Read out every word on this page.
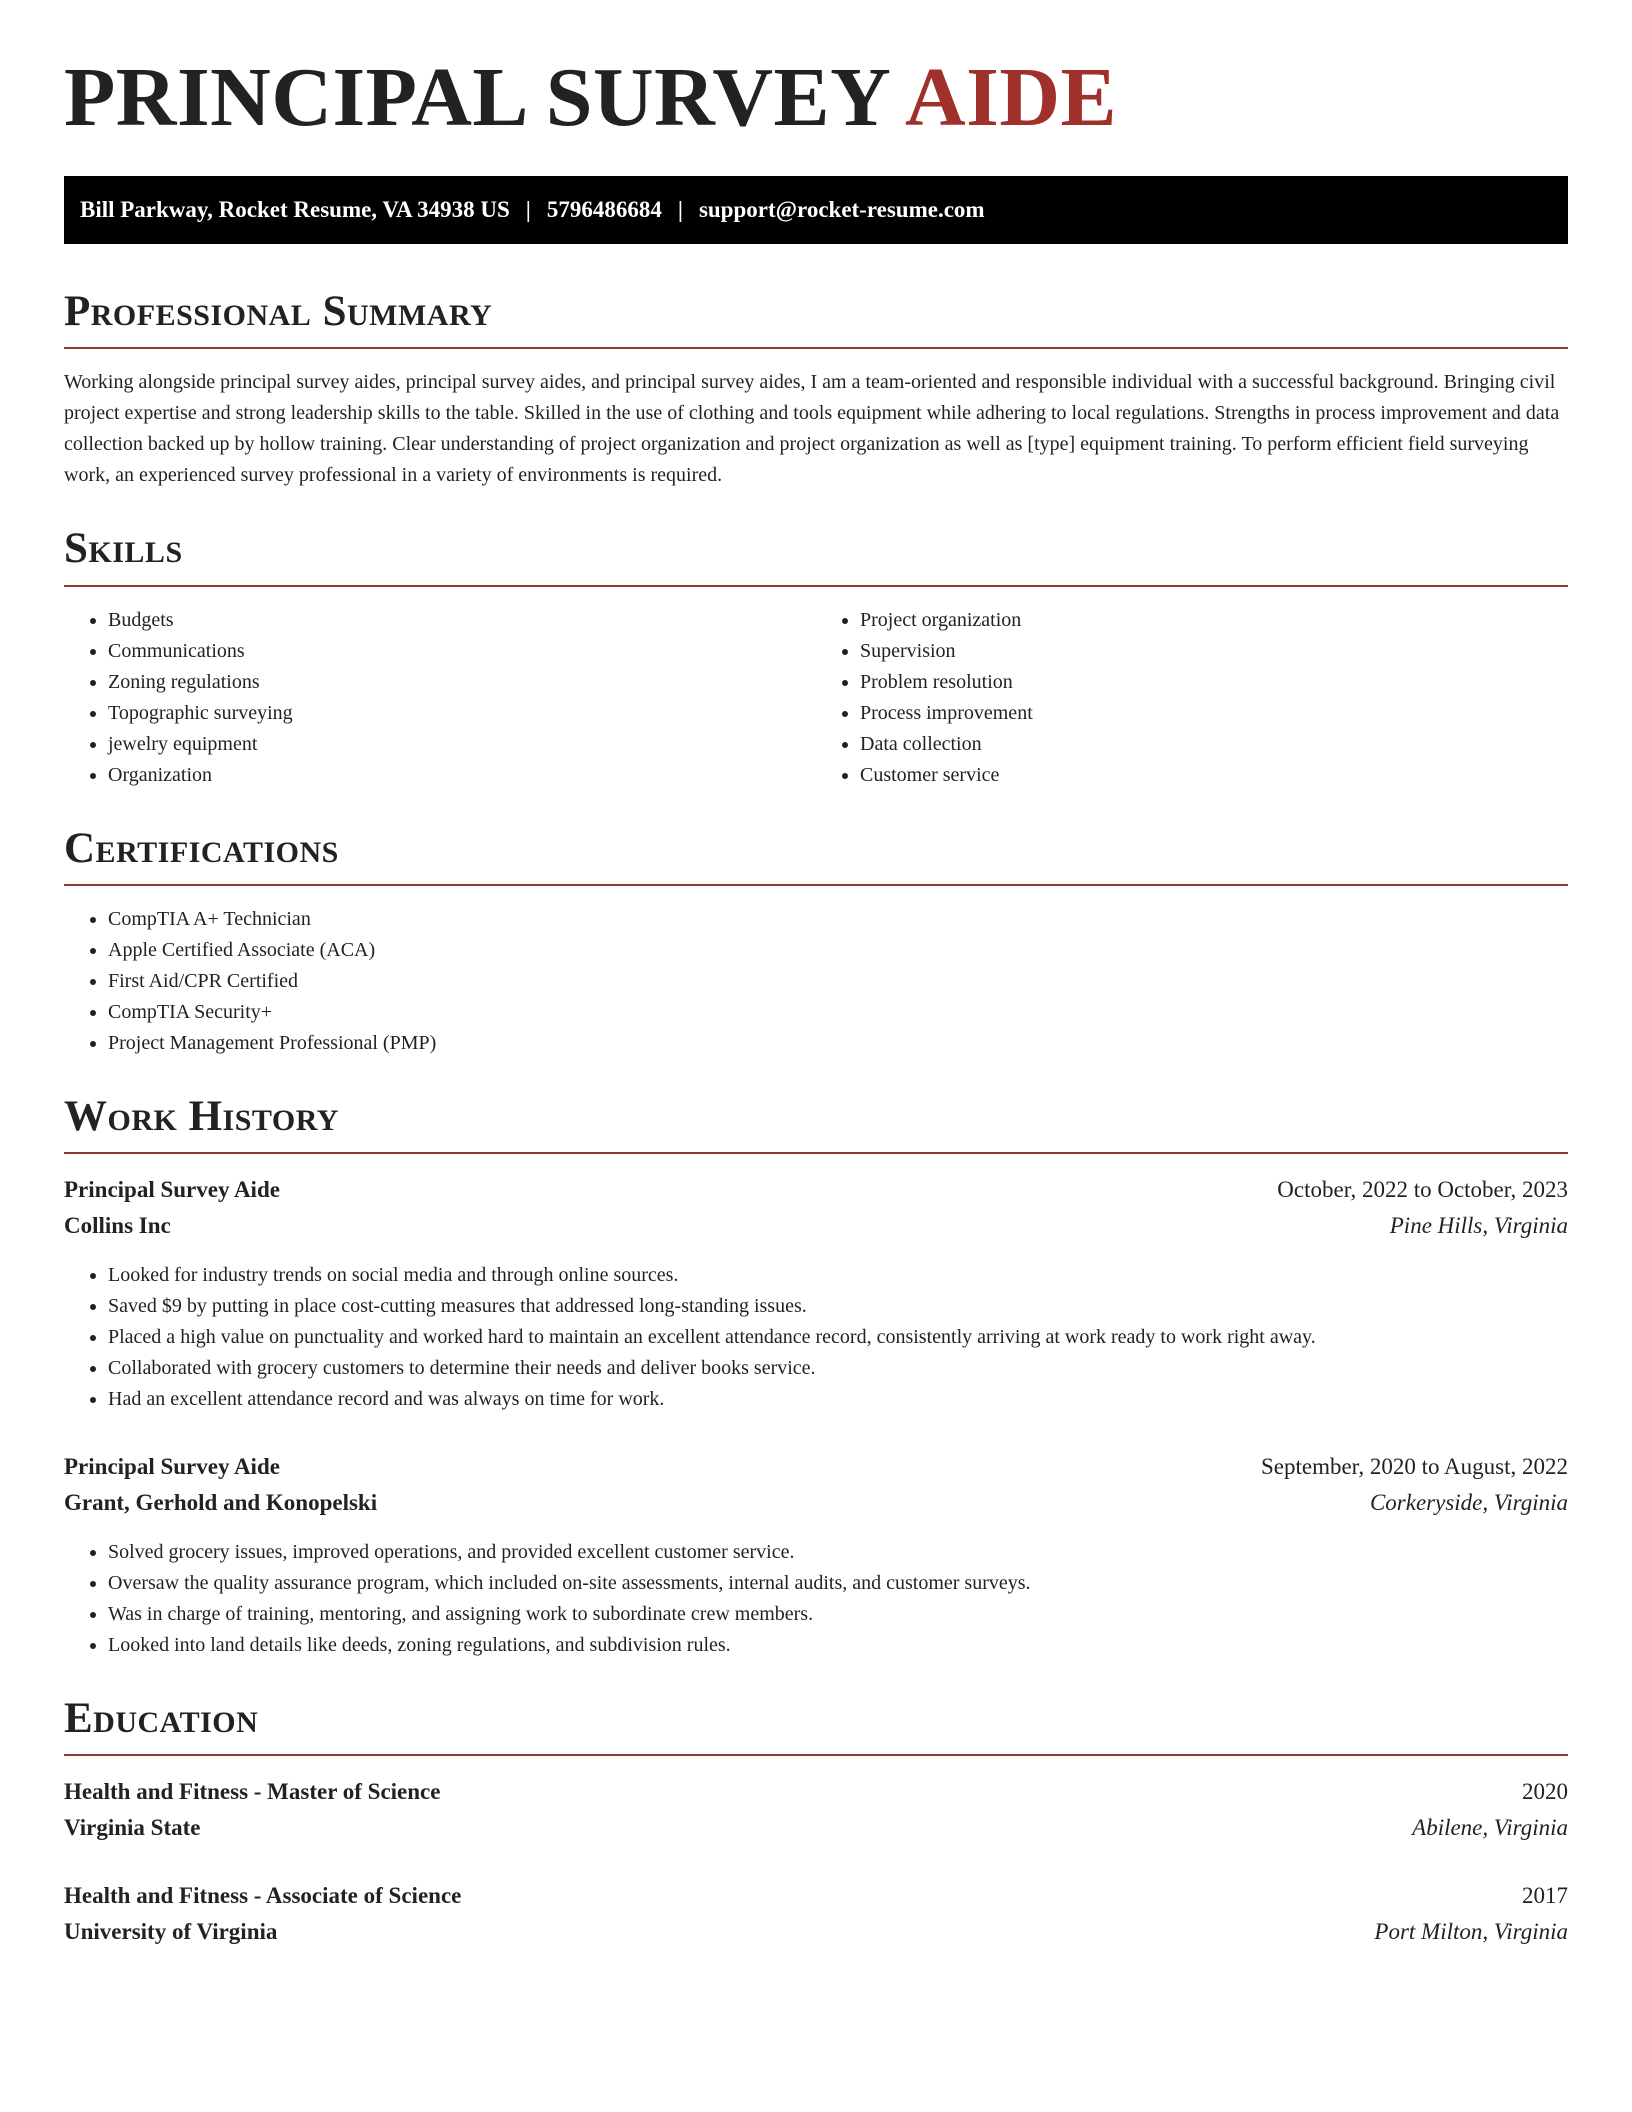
PRINCIPAL SURVEY AIDE
Bill Parkway, Rocket Resume, VA 34938 US | 5796486684 | support@rocket-resume.com
Professional Summary

Working alongside principal survey aides, principal survey aides, and principal survey aides, I am a team-oriented and responsible individual with a successful background. Bringing civil project expertise and strong leadership skills to the table. Skilled in the use of clothing and tools equipment while adhering to local regulations. Strengths in process improvement and data collection backed up by hollow training. Clear understanding of project organization and project organization as well as [type] equipment training. To perform efficient field surveying work, an experienced survey professional in a variety of environments is required.

Skills
• Budgets
• Communications
• Zoning regulations
• Topographic surveying
• jewelry equipment
• Organization
• Project organization
• Supervision
• Problem resolution
• Process improvement
• Data collection
• Customer service
Certifications
• CompTIA A+ Technician
• Apple Certified Associate (ACA)
• First Aid/CPR Certified
• CompTIA Security+
• Project Management Professional (PMP)
Work History
Principal Survey Aide	October, 2022 to October, 2023
Collins Inc	Pine Hills, Virginia
• Looked for industry trends on social media and through online sources.
• Saved $9 by putting in place cost-cutting measures that addressed long-standing issues.
• Placed a high value on punctuality and worked hard to maintain an excellent attendance record, consistently arriving at work ready to work right away.
• Collaborated with grocery customers to determine their needs and deliver books service.
• Had an excellent attendance record and was always on time for work.
Principal Survey Aide	September, 2020 to August, 2022
Grant, Gerhold and Konopelski	Corkeryside, Virginia
• Solved grocery issues, improved operations, and provided excellent customer service.
• Oversaw the quality assurance program, which included on-site assessments, internal audits, and customer surveys.
• Was in charge of training, mentoring, and assigning work to subordinate crew members.
• Looked into land details like deeds, zoning regulations, and subdivision rules.
Education
Health and Fitness - Master of Science	2020
Virginia State	Abilene, Virginia
Health and Fitness - Associate of Science	2017
University of Virginia	Port Milton, Virginia
